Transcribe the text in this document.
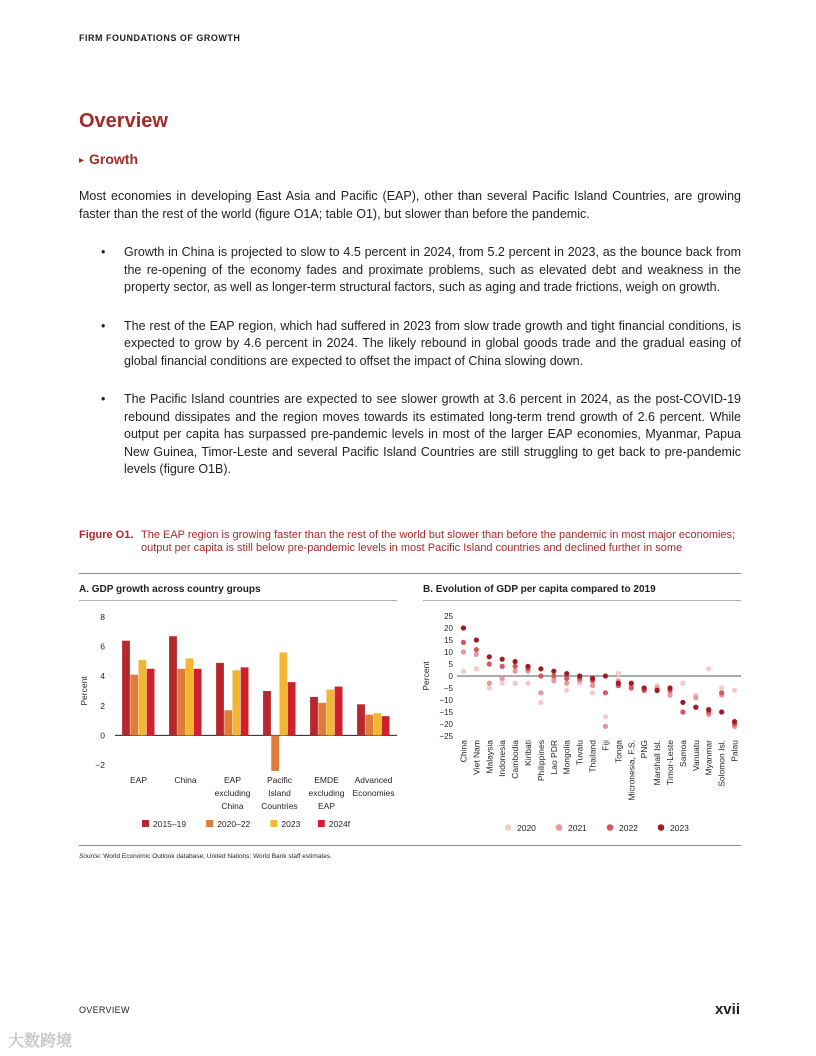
FIRM FOUNDATIONS OF GROWTH
Overview
▸ Growth

Most economies in developing East Asia and Pacific (EAP), other than several Pacific Island Countries, are growing faster than the rest of the world (figure O1A; table O1), but slower than before the pandemic.

• Growth in China is projected to slow to 4.5 percent in 2024, from 5.2 percent in 2023, as the bounce back from the re-opening of the economy fades and proximate problems, such as elevated debt and weakness in the property sector, as well as longer-term structural factors, such as aging and trade frictions, weigh on growth.
• The rest of the EAP region, which had suffered in 2023 from slow trade growth and tight financial conditions, is expected to grow by 4.6 percent in 2024. The likely rebound in global goods trade and the gradual easing of global financial conditions are expected to offset the impact of China slowing down.
• The Pacific Island countries are expected to see slower growth at 3.6 percent in 2024, as the post-COVID-19 rebound dissipates and the region moves towards its estimated long-term trend growth of 2.6 percent. While output per capita has surpassed pre-pandemic levels in most of the larger EAP economies, Myanmar, Papua New Guinea, Timor-Leste and several Pacific Island Countries are still struggling to get back to pre-pandemic levels (figure O1B).
Figure O1. The EAP region is growing faster than the rest of the world but slower than before the pandemic in most major economies; output per capita is still below pre-pandemic levels in most Pacific Island countries and declined further in some
A. GDP growth across country groups	B. Evolution of GDP per capita compared to 2019
−2
0
2
4
6
8
Percent
EAP	China	EAP
excluding
China
Pacific
Island
Countries
EMDE
excluding
EAP
Advanced
Economies
2015–19	2020–22	2023	2024f
25
20
15
10
5
0
−5
−10
−15
−20
−25
Percent
China Viet Nam Malaysia Indonesia Cambodia Kiribati Philippines Lao PDR Mongolia Tuvalu Thailand Fiji Tonga Micronesia, F.S. PNG Marshall Isl. Timor-Leste Samoa Vanuatu Myanmar Solomon Isl. Palau
2020	2021	2022	2023
Source: World Economic Outlook database; United Nations; World Bank staff estimates.
OVERVIEW	xvii
大数跨境
